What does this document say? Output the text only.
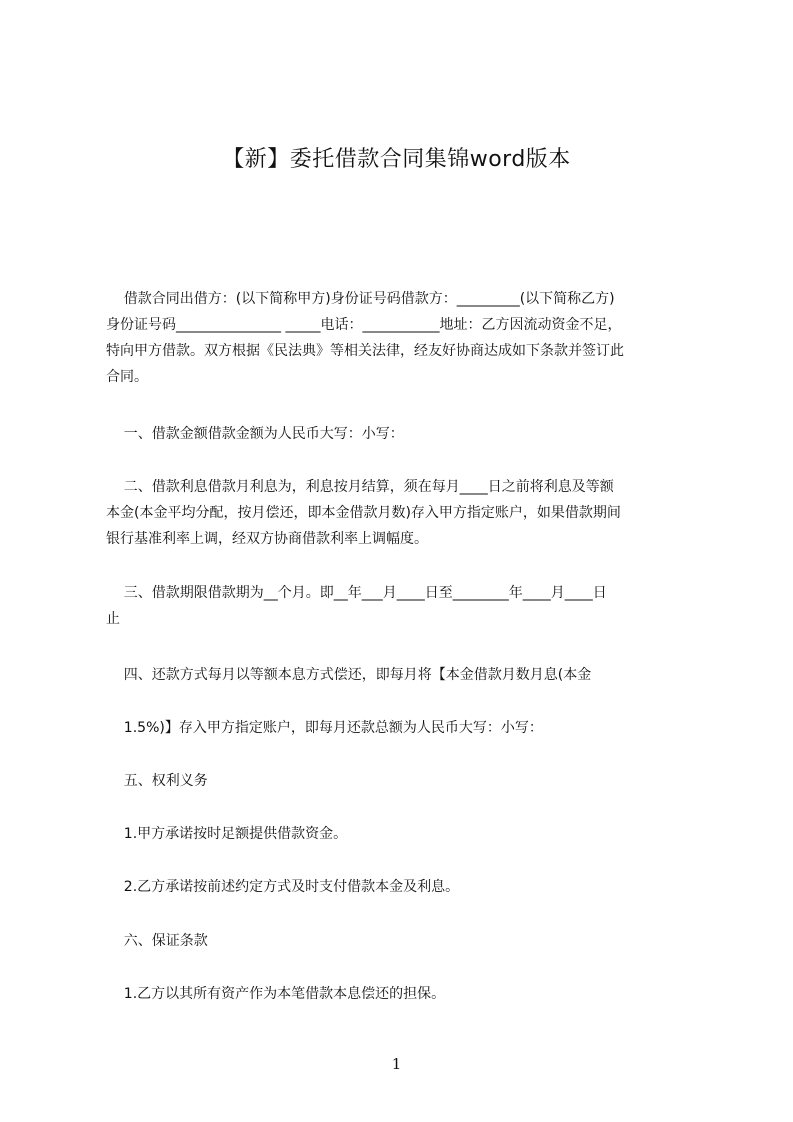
【新】委托借款合同集锦word版本
借款合同出借方：(以下简称甲方)身份证号码借款方：_________(以下简称乙方)
身份证号码_______________ _____电话：___________地址：乙方因流动资金不足，
特向甲方借款。双方根据《民法典》等相关法律，经友好协商达成如下条款并签订此
合同。
一、借款金额借款金额为人民币大写：小写：
二、借款利息借款月利息为，利息按月结算，须在每月____日之前将利息及等额
本金(本金平均分配，按月偿还，即本金借款月数)存入甲方指定账户，如果借款期间
银行基准利率上调，经双方协商借款利率上调幅度。
三、借款期限借款期为__个月。即__年___月____日至________年____月____日
止
四、还款方式每月以等额本息方式偿还，即每月将【本金借款月数月息(本金
1.5%)】存入甲方指定账户，即每月还款总额为人民币大写：小写：
五、权利义务
1.甲方承诺按时足额提供借款资金。
2.乙方承诺按前述约定方式及时支付借款本金及利息。
六、保证条款
1.乙方以其所有资产作为本笔借款本息偿还的担保。
1
